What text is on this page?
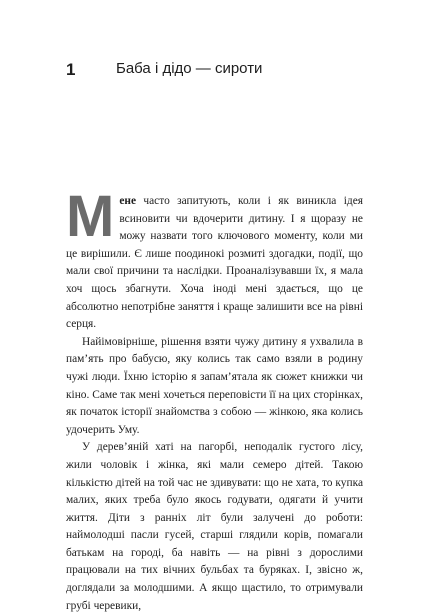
1	Баба і дідо — сироти

Мене часто запитують, коли і як виникла ідея всиновити чи вдочерити дитину. І я щоразу не можу назвати того ключового моменту, коли ми це вирішили. Є лише поодинокі розмиті здогадки, події, що мали свої причини та наслідки. Проаналізувавши їх, я мала хоч щось збагнути. Хоча іноді мені здається, що це абсолютно непотрібне заняття і краще залишити все на рівні серця.

Найімовірніше, рішення взяти чужу дитину я ухвалила в пам’ять про бабусю, яку колись так само взяли в родину чужі люди. Їхню історію я запам’ятала як сюжет книжки чи кіно. Саме так мені хочеться переповісти її на цих сторінках, як початок історії знайомства з собою — жінкою, яка колись удочерить Уму.

У дерев’яній хаті на пагорбі, неподалік густого лісу, жили чоловік і жінка, які мали семеро дітей. Такою кількістю дітей на той час не здивувати: що не хата, то купка малих, яких треба було якось годувати, одягати й учити життя. Діти з ранніх літ були залучені до роботи: наймолодші пасли гусей, старші глядили корів, помагали батькам на городі, ба навіть — на рівні з дорослими працювали на тих вічних бульбах та буряках. І, звісно ж, доглядали за молодшими. А якщо щастило, то отримували грубі черевики,
